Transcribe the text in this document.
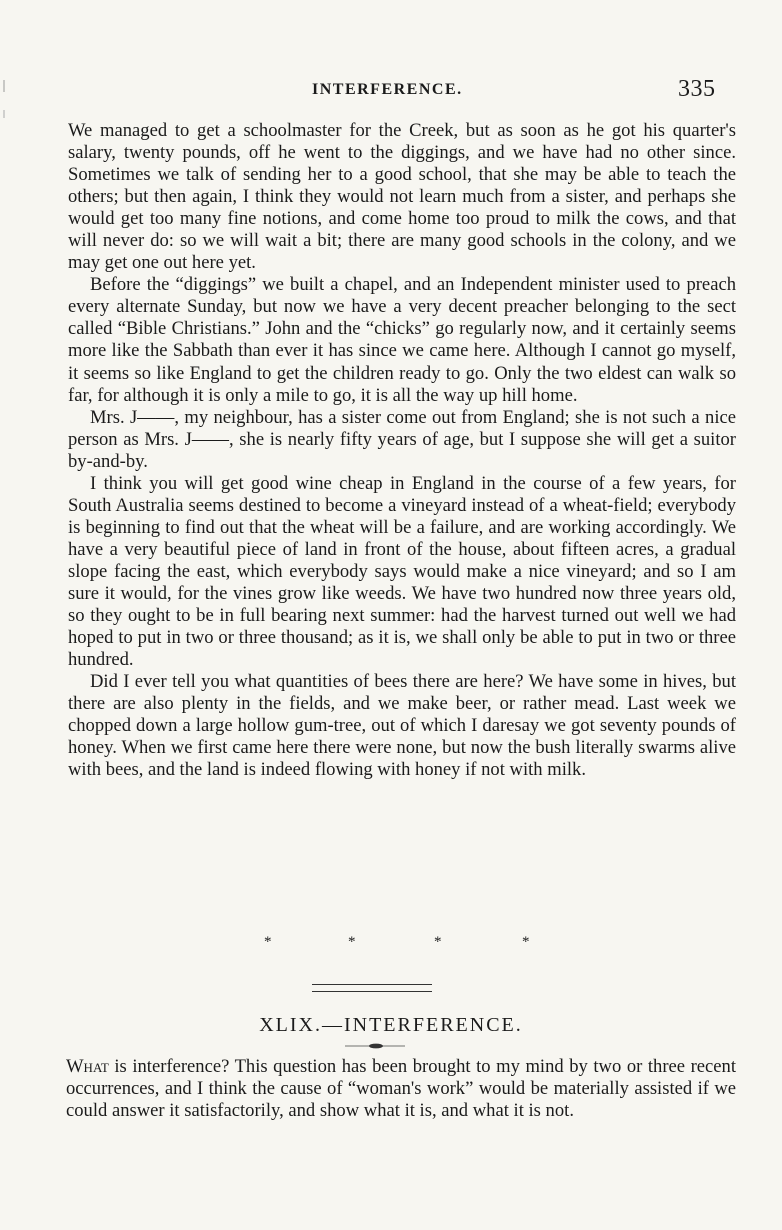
INTERFERENCE.	335

We managed to get a schoolmaster for the Creek, but as soon as he got his quarter's salary, twenty pounds, off he went to the diggings, and we have had no other since. Sometimes we talk of sending her to a good school, that she may be able to teach the others; but then again, I think they would not learn much from a sister, and perhaps she would get too many fine notions, and come home too proud to milk the cows, and that will never do: so we will wait a bit; there are many good schools in the colony, and we may get one out here yet.

Before the “diggings” we built a chapel, and an Independent minister used to preach every alternate Sunday, but now we have a very decent preacher belonging to the sect called “Bible Christians.” John and the “chicks” go regularly now, and it certainly seems more like the Sabbath than ever it has since we came here. Although I cannot go myself, it seems so like England to get the children ready to go. Only the two eldest can walk so far, for although it is only a mile to go, it is all the way up hill home.

Mrs. J——, my neighbour, has a sister come out from England; she is not such a nice person as Mrs. J——, she is nearly fifty years of age, but I suppose she will get a suitor by-and-by.

I think you will get good wine cheap in England in the course of a few years, for South Australia seems destined to become a vineyard instead of a wheat-field; everybody is beginning to find out that the wheat will be a failure, and are working accordingly. We have a very beautiful piece of land in front of the house, about fifteen acres, a gradual slope facing the east, which everybody says would make a nice vineyard; and so I am sure it would, for the vines grow like weeds. We have two hundred now three years old, so they ought to be in full bearing next summer: had the harvest turned out well we had hoped to put in two or three thousand; as it is, we shall only be able to put in two or three hundred.

Did I ever tell you what quantities of bees there are here? We have some in hives, but there are also plenty in the fields, and we make beer, or rather mead. Last week we chopped down a large hollow gum-tree, out of which I daresay we got seventy pounds of honey. When we first came here there were none, but now the bush literally swarms alive with bees, and the land is indeed flowing with honey if not with milk.

*	*	*	*
XLIX.—INTERFERENCE.
What is interference? This question has been brought to my mind by two or three recent occurrences, and I think the cause of “woman's work” would be materially assisted if we could answer it satisfactorily, and show what it is, and what it is not.
